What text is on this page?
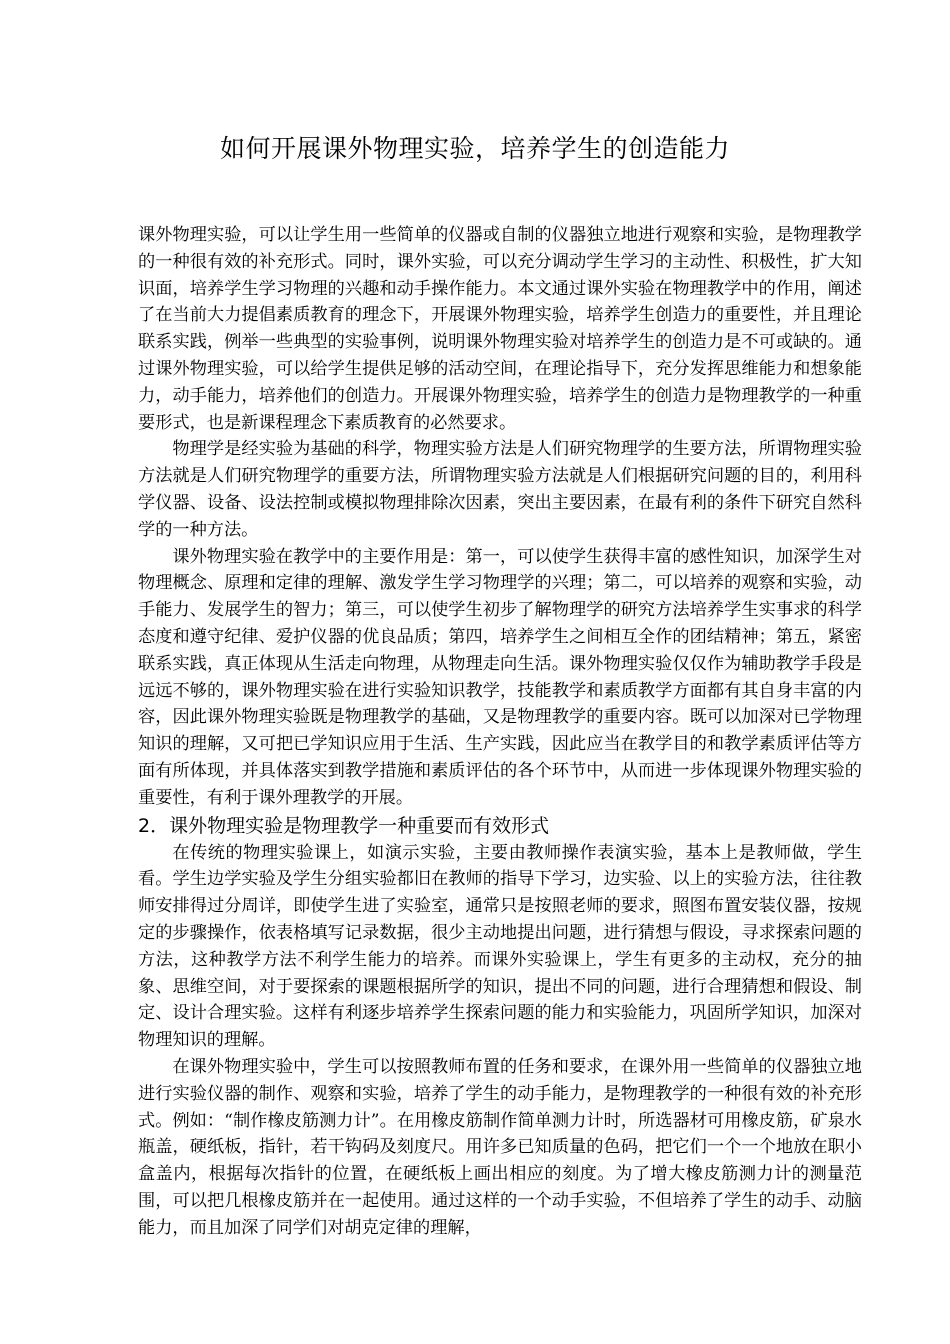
如何开展课外物理实验，培养学生的创造能力

课外物理实验，可以让学生用一些简单的仪器或自制的仪器独立地进行观察和实验，是物理教学的一种很有效的补充形式。同时，课外实验，可以充分调动学生学习的主动性、积极性，扩大知识面，培养学生学习物理的兴趣和动手操作能力。本文通过课外实验在物理教学中的作用，阐述了在当前大力提倡素质教育的理念下，开展课外物理实验，培养学生创造力的重要性，并且理论联系实践，例举一些典型的实验事例，说明课外物理实验对培养学生的创造力是不可或缺的。通过课外物理实验，可以给学生提供足够的活动空间，在理论指导下，充分发挥思维能力和想象能力，动手能力，培养他们的创造力。开展课外物理实验，培养学生的创造力是物理教学的一种重要形式，也是新课程理念下素质教育的必然要求。

物理学是经实验为基础的科学，物理实验方法是人们研究物理学的生要方法，所谓物理实验方法就是人们研究物理学的重要方法，所谓物理实验方法就是人们根据研究问题的目的，利用科学仪器、设备、设法控制或模拟物理排除次因素，突出主要因素，在最有利的条件下研究自然科学的一种方法。

课外物理实验在教学中的主要作用是：第一，可以使学生获得丰富的感性知识，加深学生对物理概念、原理和定律的理解、激发学生学习物理学的兴理；第二，可以培养的观察和实验，动手能力、发展学生的智力；第三，可以使学生初步了解物理学的研究方法培养学生实事求的科学态度和遵守纪律、爱护仪器的优良品质；第四，培养学生之间相互全作的团结精神；第五，紧密联系实践，真正体现从生活走向物理，从物理走向生活。课外物理实验仅仅作为辅助教学手段是远远不够的，课外物理实验在进行实验知识教学，技能教学和素质教学方面都有其自身丰富的内容，因此课外物理实验既是物理教学的基础，又是物理教学的重要内容。既可以加深对已学物理知识的理解，又可把已学知识应用于生活、生产实践，因此应当在教学目的和教学素质评估等方面有所体现，并具体落实到教学措施和素质评估的各个环节中，从而进一步体现课外物理实验的重要性，有利于课外理教学的开展。

2．课外物理实验是物理教学一种重要而有效形式

在传统的物理实验课上，如演示实验，主要由教师操作表演实验，基本上是教师做，学生看。学生边学实验及学生分组实验都旧在教师的指导下学习，边实验、以上的实验方法，往往教师安排得过分周详，即使学生进了实验室，通常只是按照老师的要求，照图布置安装仪器，按规定的步骤操作，依表格填写记录数据，很少主动地提出问题，进行猜想与假设，寻求探索问题的方法，这种教学方法不利学生能力的培养。而课外实验课上，学生有更多的主动权，充分的抽象、思维空间，对于要探索的课题根据所学的知识，提出不同的问题，进行合理猜想和假设、制定、设计合理实验。这样有利逐步培养学生探索问题的能力和实验能力，巩固所学知识，加深对物理知识的理解。

在课外物理实验中，学生可以按照教师布置的任务和要求，在课外用一些简单的仪器独立地进行实验仪器的制作、观察和实验，培养了学生的动手能力，是物理教学的一种很有效的补充形式。例如：“制作橡皮筋测力计”。在用橡皮筋制作简单测力计时，所选器材可用橡皮筋，矿泉水瓶盖，硬纸板，指针，若干钩码及刻度尺。用许多已知质量的色码，把它们一个一个地放在职小盒盖内，根据每次指针的位置，在硬纸板上画出相应的刻度。为了增大橡皮筋测力计的测量范围，可以把几根橡皮筋并在一起使用。通过这样的一个动手实验，不但培养了学生的动手、动脑能力，而且加深了同学们对胡克定律的理解，
